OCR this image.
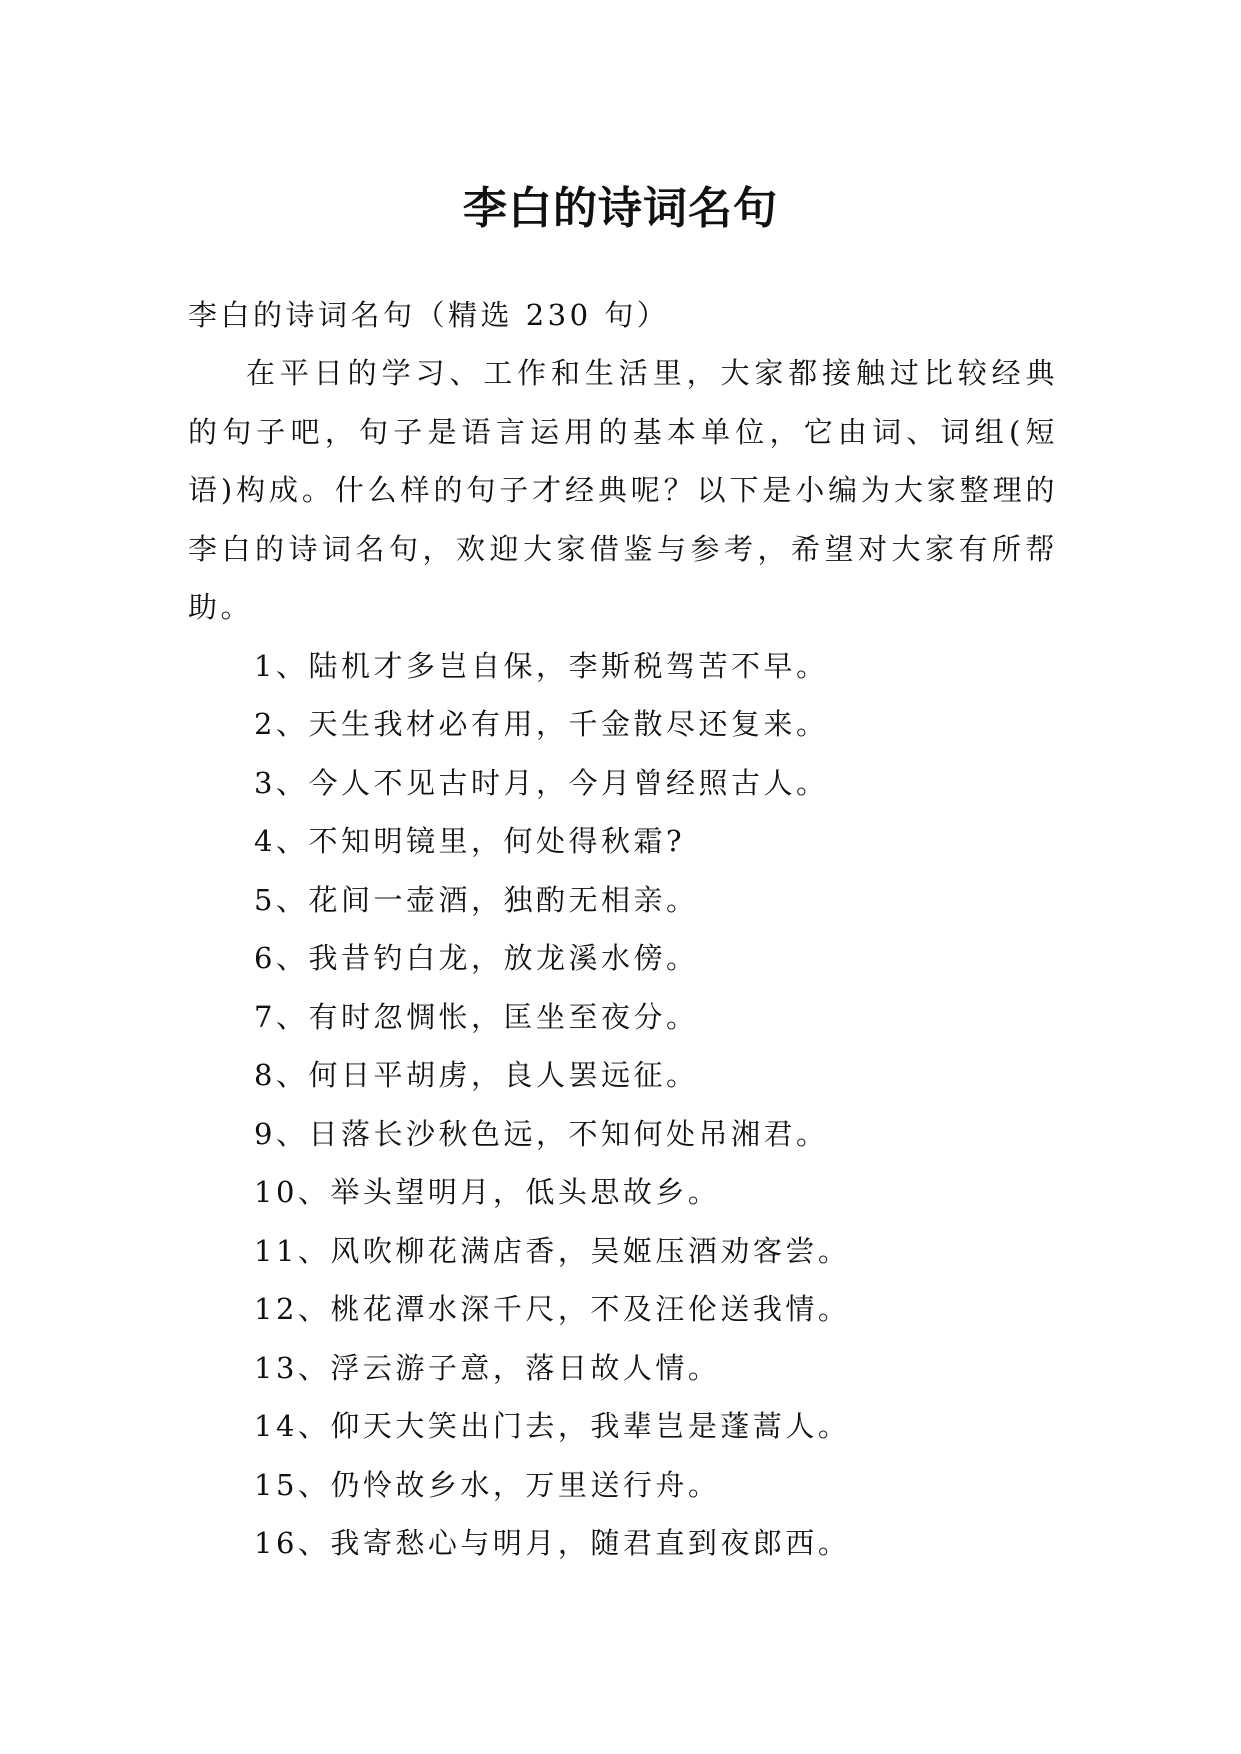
李白的诗词名句

李白的诗词名句（精选 230 句）

在平日的学习、工作和生活里，大家都接触过比较经典的句子吧，句子是语言运用的基本单位，它由词、词组(短语)构成。什么样的句子才经典呢？以下是小编为大家整理的李白的诗词名句，欢迎大家借鉴与参考，希望对大家有所帮助。

1、陆机才多岂自保，李斯税驾苦不早。
2、天生我材必有用，千金散尽还复来。
3、今人不见古时月，今月曾经照古人。
4、不知明镜里，何处得秋霜?
5、花间一壶酒，独酌无相亲。
6、我昔钓白龙，放龙溪水傍。
7、有时忽惆怅，匡坐至夜分。
8、何日平胡虏，良人罢远征。
9、日落长沙秋色远，不知何处吊湘君。
10、举头望明月，低头思故乡。
11、风吹柳花满店香，吴姬压酒劝客尝。
12、桃花潭水深千尺，不及汪伦送我情。
13、浮云游子意，落日故人情。
14、仰天大笑出门去，我辈岂是蓬蒿人。
15、仍怜故乡水，万里送行舟。
16、我寄愁心与明月，随君直到夜郎西。
